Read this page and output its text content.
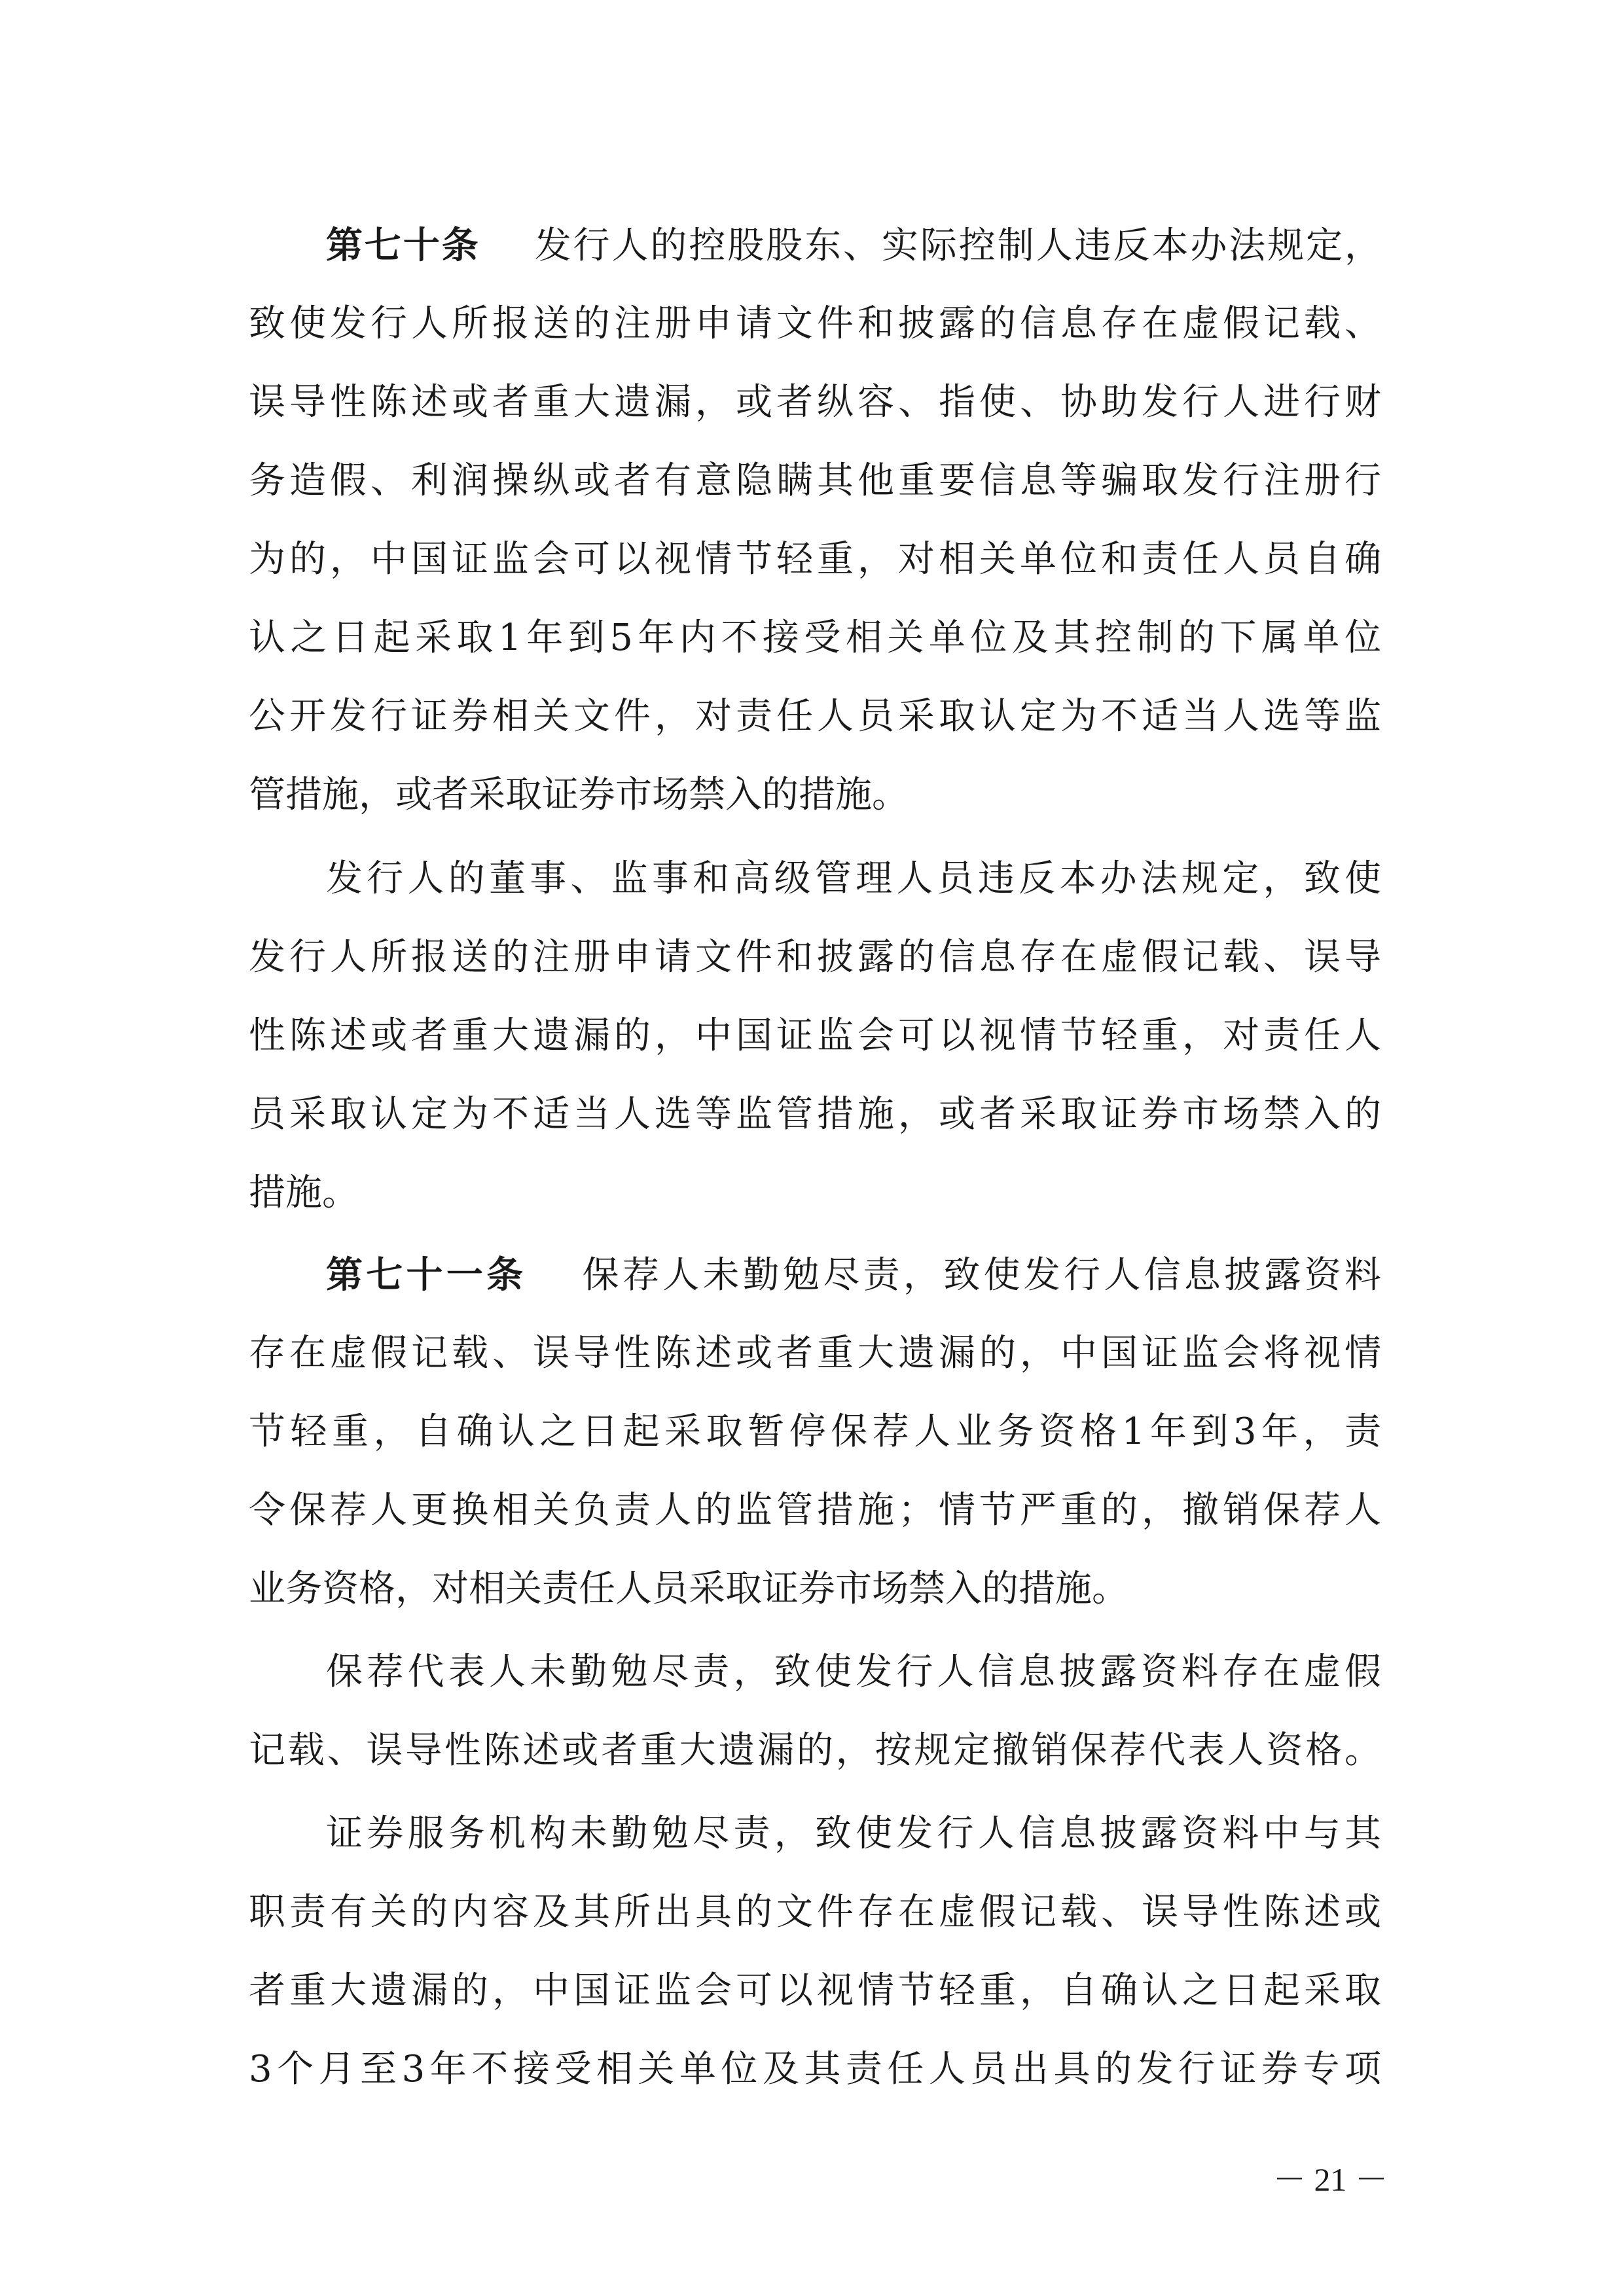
第七十条 发行人的控股股东、实际控制人违反本办法规定，
致使发行人所报送的注册申请文件和披露的信息存在虚假记载、
误导性陈述或者重大遗漏，或者纵容、指使、协助发行人进行财
务造假、利润操纵或者有意隐瞒其他重要信息等骗取发行注册行
为的，中国证监会可以视情节轻重，对相关单位和责任人员自确
认之日起采取1年到5年内不接受相关单位及其控制的下属单位
公开发行证券相关文件，对责任人员采取认定为不适当人选等监
管措施，或者采取证券市场禁入的措施。
发行人的董事、监事和高级管理人员违反本办法规定，致使
发行人所报送的注册申请文件和披露的信息存在虚假记载、误导
性陈述或者重大遗漏的，中国证监会可以视情节轻重，对责任人
员采取认定为不适当人选等监管措施，或者采取证券市场禁入的
措施。
第七十一条 保荐人未勤勉尽责，致使发行人信息披露资料
存在虚假记载、误导性陈述或者重大遗漏的，中国证监会将视情
节轻重，自确认之日起采取暂停保荐人业务资格1年到3年，责
令保荐人更换相关负责人的监管措施；情节严重的，撤销保荐人
业务资格，对相关责任人员采取证券市场禁入的措施。
保荐代表人未勤勉尽责，致使发行人信息披露资料存在虚假
记载、误导性陈述或者重大遗漏的，按规定撤销保荐代表人资格。
证券服务机构未勤勉尽责，致使发行人信息披露资料中与其
职责有关的内容及其所出具的文件存在虚假记载、误导性陈述或
者重大遗漏的，中国证监会可以视情节轻重，自确认之日起采取
3个月至3年不接受相关单位及其责任人员出具的发行证券专项
－ 21 －
